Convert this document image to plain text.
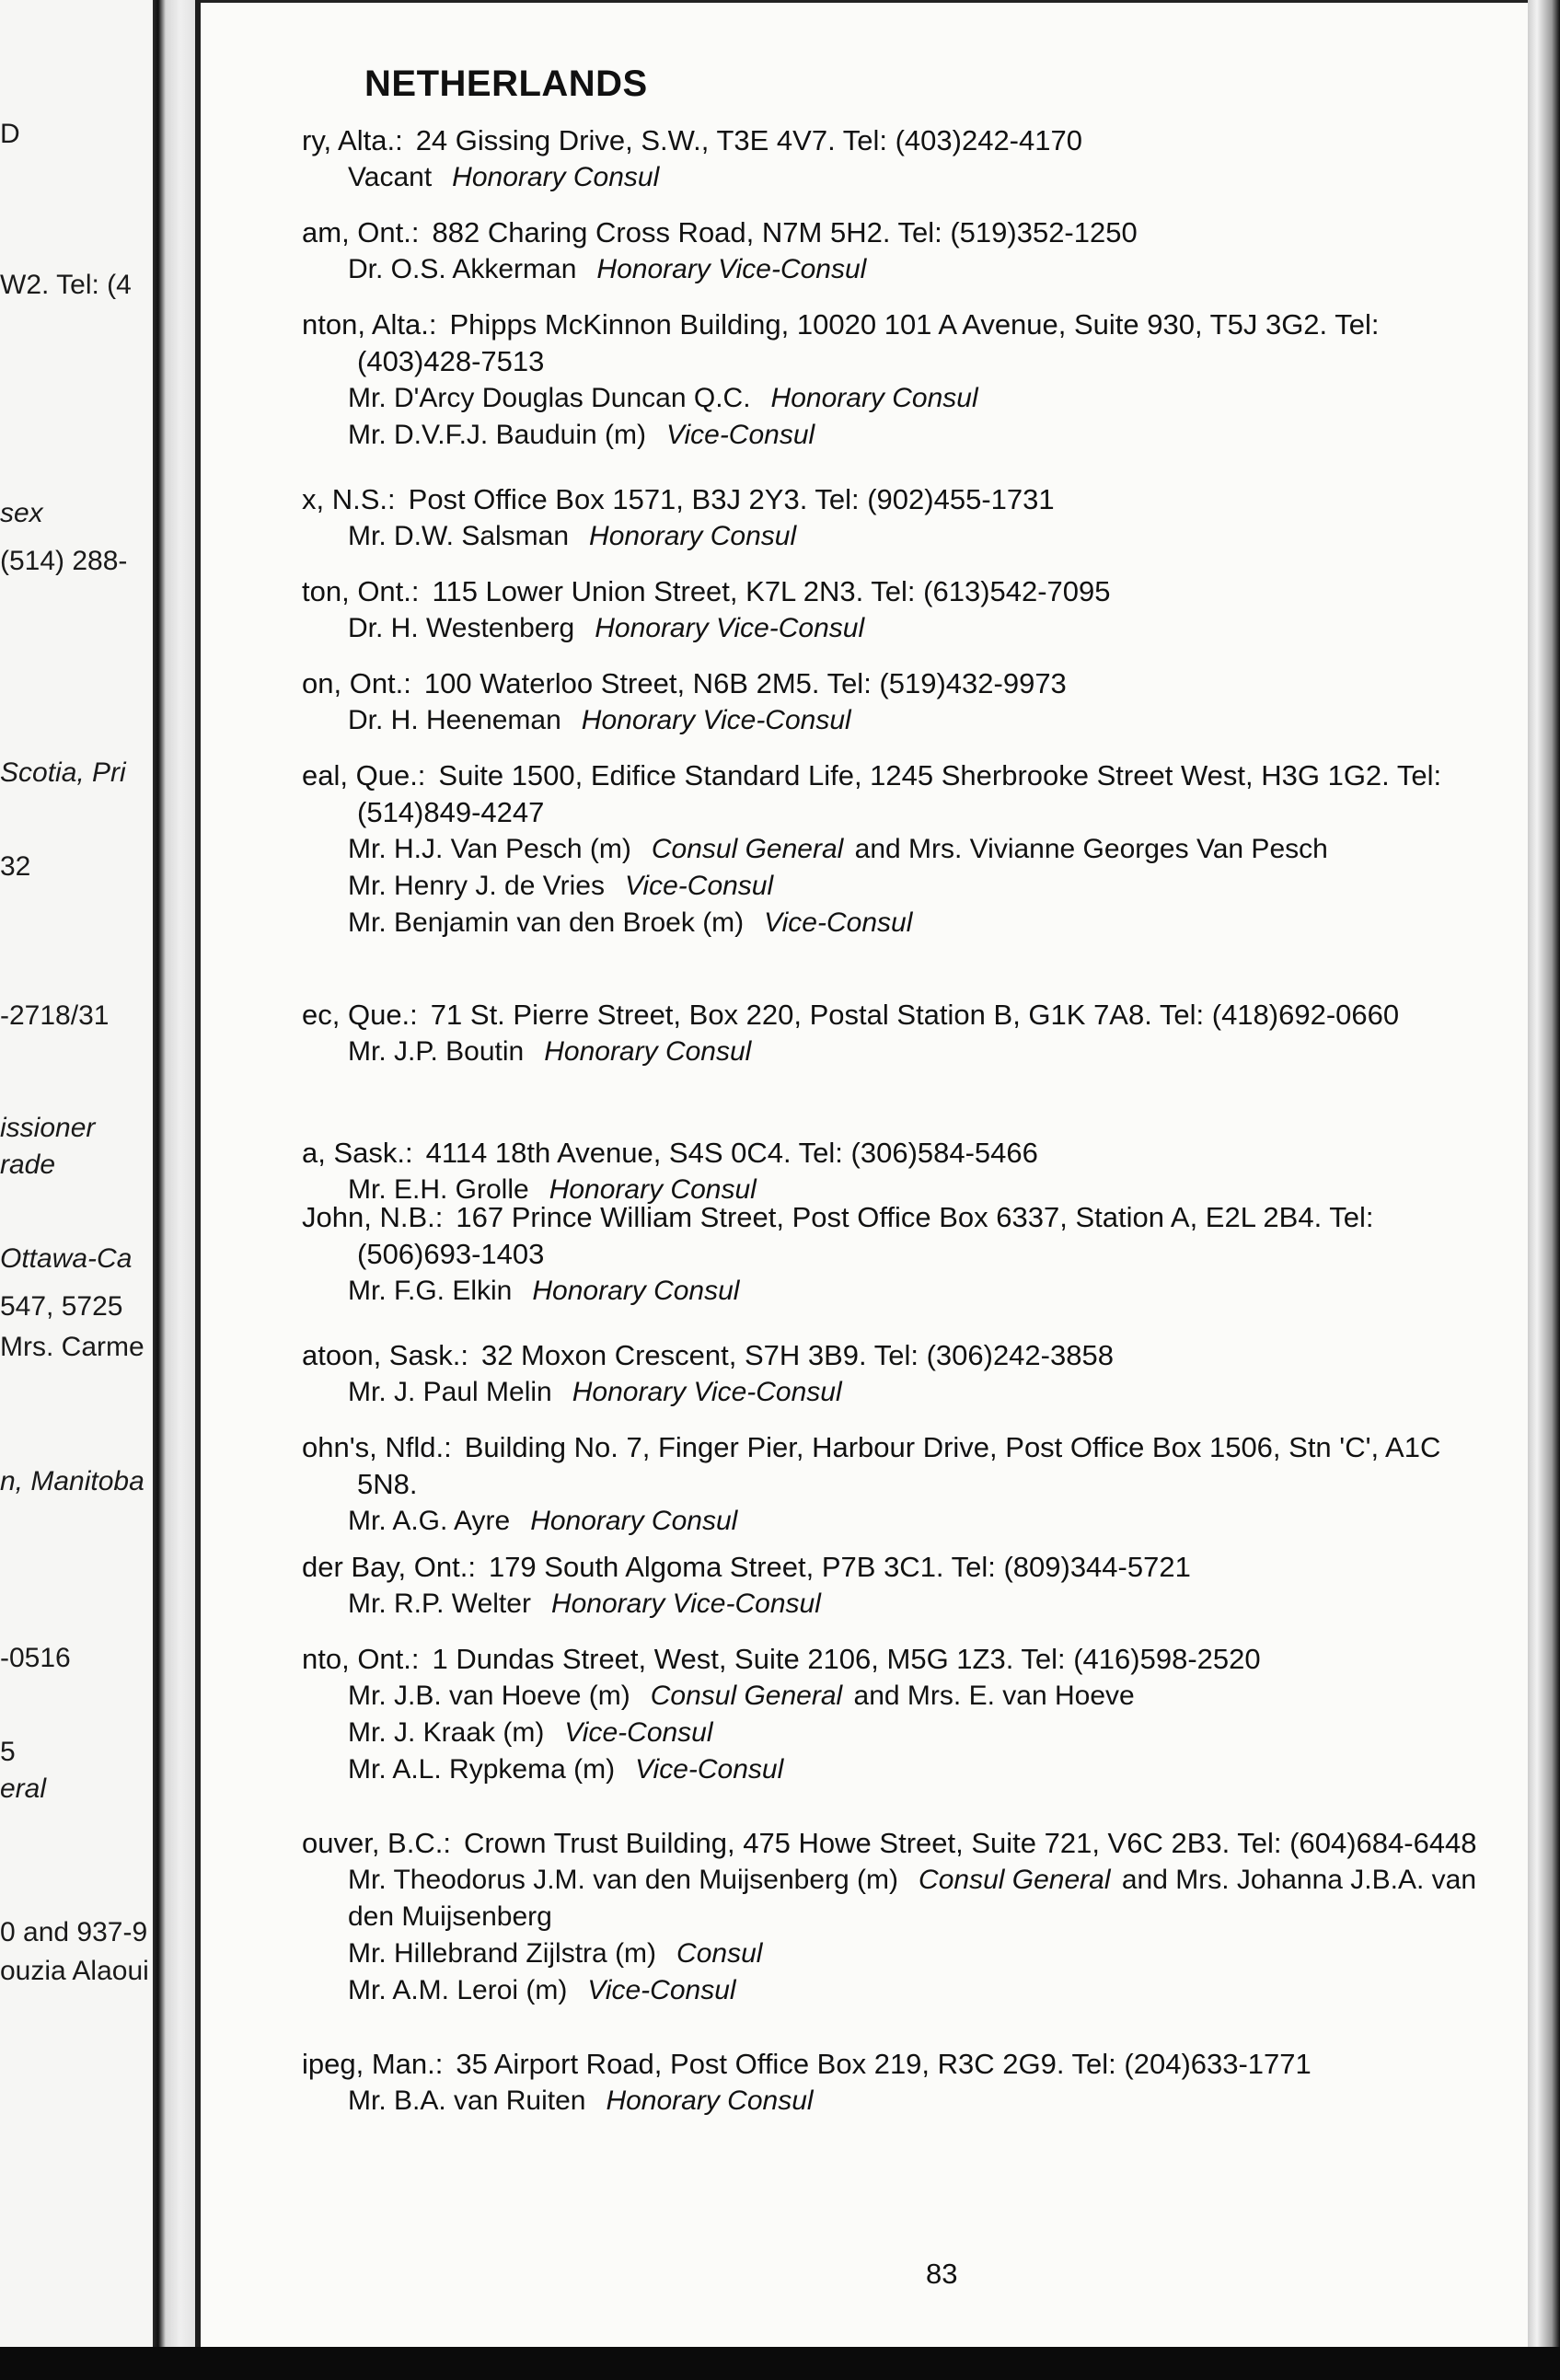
D
W2. Tel: (4
sex
(514) 288-
Scotia, Pri
32
-2718/31
issioner
rade
Ottawa-Ca
547, 5725
Mrs. Carme
n, Manitoba
-0516
5
eral
0 and 937-9
ouzia Alaoui
NETHERLANDS
ry, Alta.: 24 Gissing Drive, S.W., T3E 4V7. Tel: (403)242-4170
Vacant Honorary Consul
am, Ont.: 882 Charing Cross Road, N7M 5H2. Tel: (519)352-1250
Dr. O.S. Akkerman Honorary Vice-Consul
nton, Alta.: Phipps McKinnon Building, 10020 101 A Avenue, Suite 930, T5J 3G2. Tel: (403)428-7513
Mr. D'Arcy Douglas Duncan Q.C. Honorary Consul
Mr. D.V.F.J. Bauduin (m) Vice-Consul
x, N.S.: Post Office Box 1571, B3J 2Y3. Tel: (902)455-1731
Mr. D.W. Salsman Honorary Consul
ton, Ont.: 115 Lower Union Street, K7L 2N3. Tel: (613)542-7095
Dr. H. Westenberg Honorary Vice-Consul
on, Ont.: 100 Waterloo Street, N6B 2M5. Tel: (519)432-9973
Dr. H. Heeneman Honorary Vice-Consul
eal, Que.: Suite 1500, Edifice Standard Life, 1245 Sherbrooke Street West, H3G 1G2. Tel: (514)849-4247
Mr. H.J. Van Pesch (m) Consul General and Mrs. Vivianne Georges Van Pesch
Mr. Henry J. de Vries Vice-Consul
Mr. Benjamin van den Broek (m) Vice-Consul
ec, Que.: 71 St. Pierre Street, Box 220, Postal Station B, G1K 7A8. Tel: (418)692-0660
Mr. J.P. Boutin Honorary Consul
a, Sask.: 4114 18th Avenue, S4S 0C4. Tel: (306)584-5466
Mr. E.H. Grolle Honorary Consul
John, N.B.: 167 Prince William Street, Post Office Box 6337, Station A, E2L 2B4. Tel: (506)693-1403
Mr. F.G. Elkin Honorary Consul
atoon, Sask.: 32 Moxon Crescent, S7H 3B9. Tel: (306)242-3858
Mr. J. Paul Melin Honorary Vice-Consul
ohn's, Nfld.: Building No. 7, Finger Pier, Harbour Drive, Post Office Box 1506, Stn 'C', A1C 5N8.
Mr. A.G. Ayre Honorary Consul
der Bay, Ont.: 179 South Algoma Street, P7B 3C1. Tel: (809)344-5721
Mr. R.P. Welter Honorary Vice-Consul
nto, Ont.: 1 Dundas Street, West, Suite 2106, M5G 1Z3. Tel: (416)598-2520
Mr. J.B. van Hoeve (m) Consul General and Mrs. E. van Hoeve
Mr. J. Kraak (m) Vice-Consul
Mr. A.L. Rypkema (m) Vice-Consul
ouver, B.C.: Crown Trust Building, 475 Howe Street, Suite 721, V6C 2B3. Tel: (604)684-6448
Mr. Theodorus J.M. van den Muijsenberg (m) Consul General and Mrs. Johanna J.B.A. van den Muijsenberg
Mr. Hillebrand Zijlstra (m) Consul
Mr. A.M. Leroi (m) Vice-Consul
ipeg, Man.: 35 Airport Road, Post Office Box 219, R3C 2G9. Tel: (204)633-1771
Mr. B.A. van Ruiten Honorary Consul
83
